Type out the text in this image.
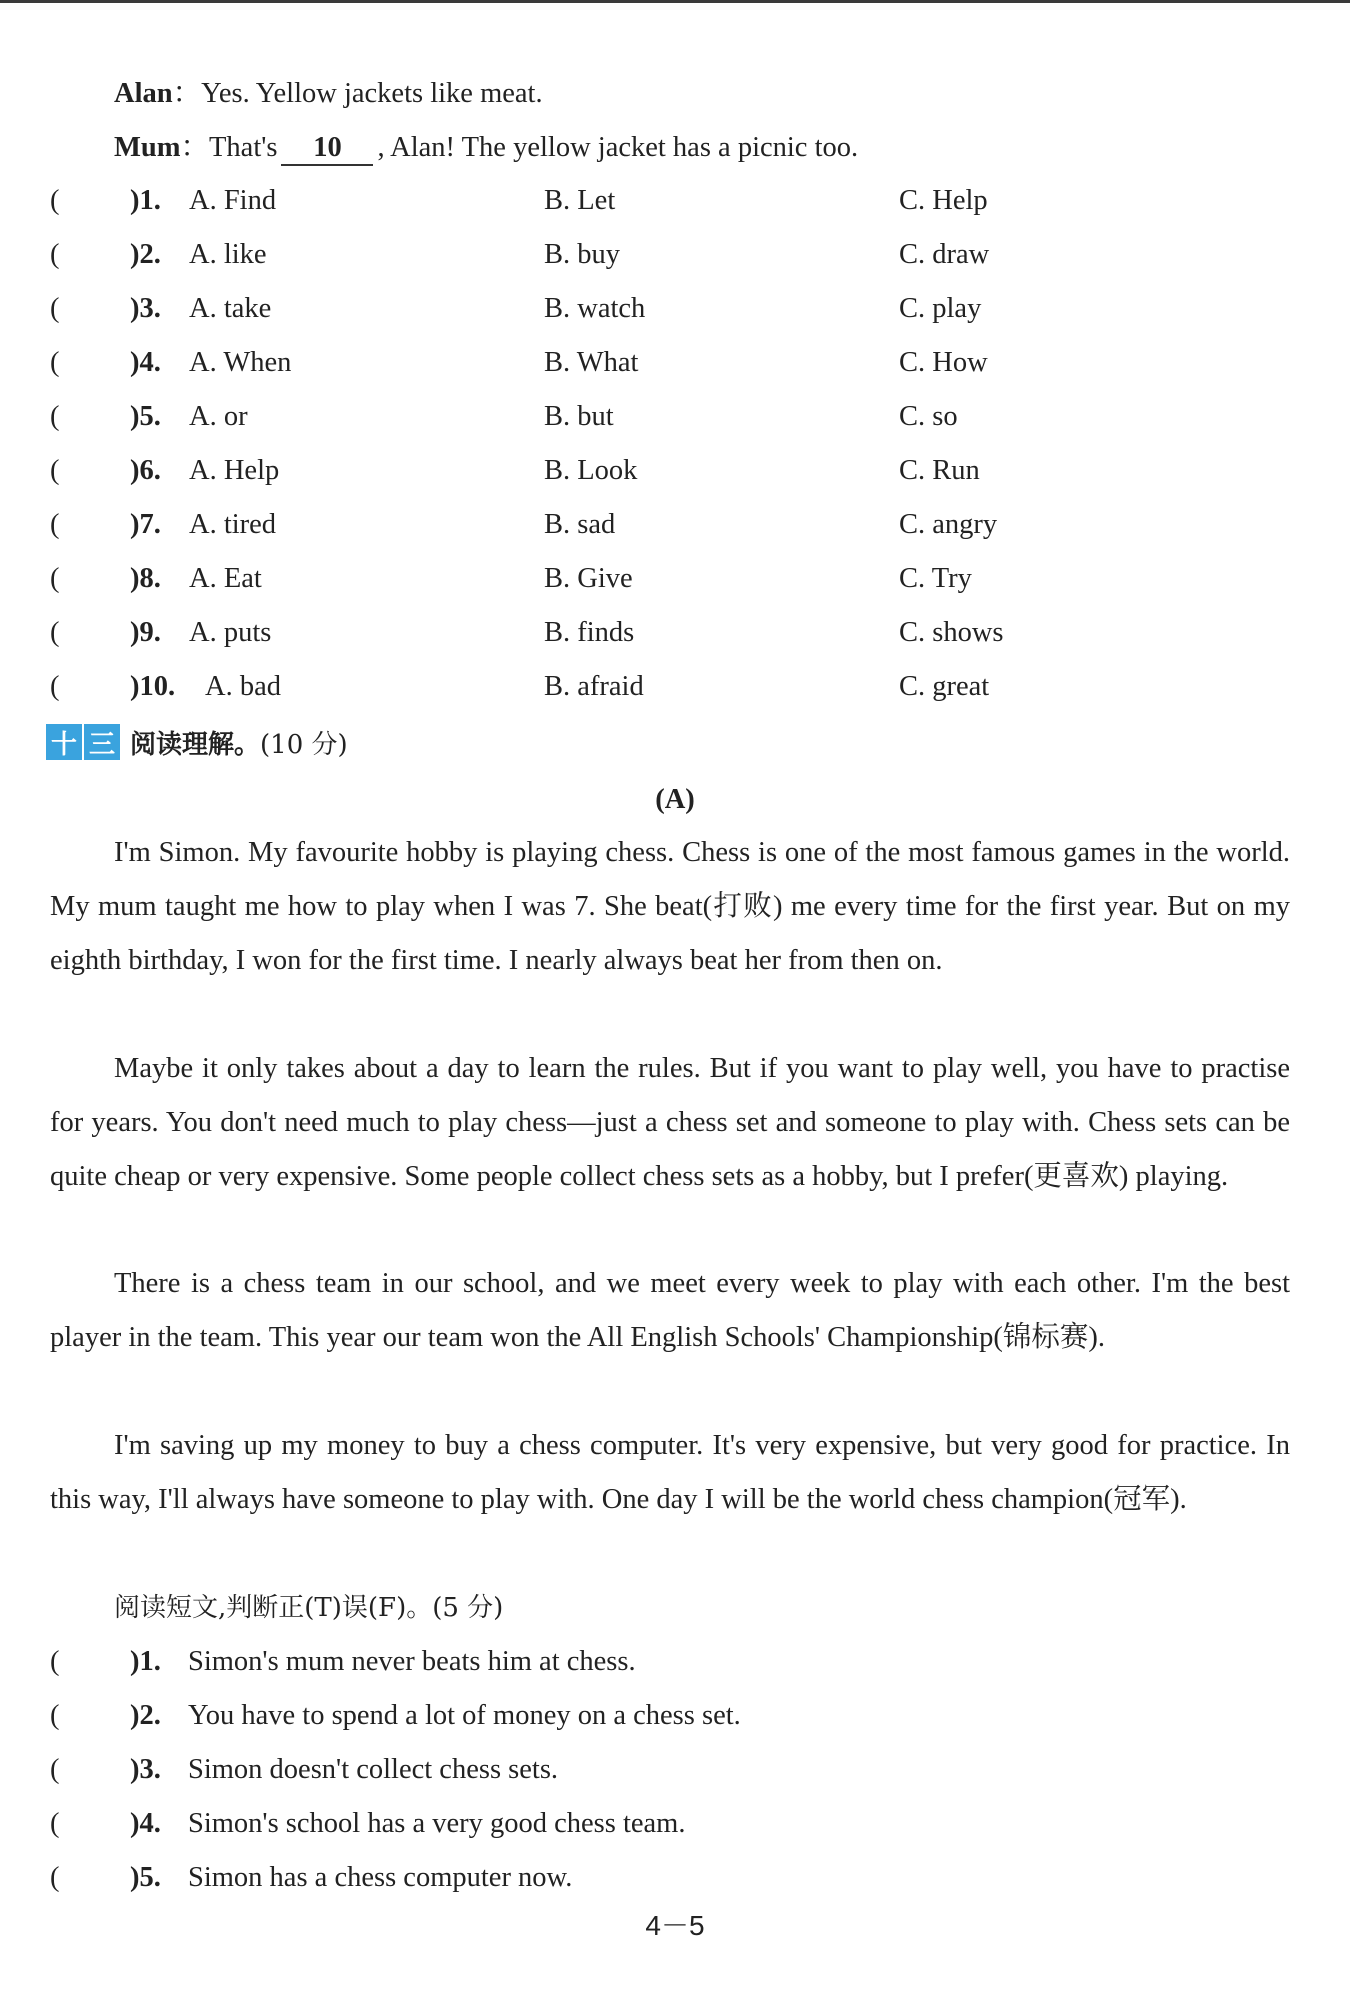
Alan：Yes. Yellow jackets like meat.
Mum：That's 10 , Alan! The yellow jacket has a picnic too.
( )1. A. Find	B. Let	C. Help
( )2. A. like	B. buy	C. draw
( )3. A. take	B. watch	C. play
( )4. A. When	B. What	C. How
( )5. A. or	B. but	C. so
( )6. A. Help	B. Look	C. Run
( )7. A. tired	B. sad	C. angry
( )8. A. Eat	B. Give	C. Try
( )9. A. puts	B. finds	C. shows
( )10. A. bad	B. afraid	C. great
十 三 阅读理解。 (10 分)
(A)

I'm Simon. My favourite hobby is playing chess. Chess is one of the most famous games in the world. My mum taught me how to play when I was 7. She beat(打败) me every time for the first year. But on my eighth birthday, I won for the first time. I nearly always beat her from then on.

Maybe it only takes about a day to learn the rules. But if you want to play well, you have to practise for years. You don't need much to play chess—just a chess set and someone to play with. Chess sets can be quite cheap or very expensive. Some people collect chess sets as a hobby, but I prefer(更喜欢) playing.

There is a chess team in our school, and we meet every week to play with each other. I'm the best player in the team. This year our team won the All English Schools' Championship(锦标赛).

I'm saving up my money to buy a chess computer. It's very expensive, but very good for practice. In this way, I'll always have someone to play with. One day I will be the world chess champion(冠军).

阅读短文,判断正(T)误(F)。(5 分)
( )1. Simon's mum never beats him at chess.
( )2. You have to spend a lot of money on a chess set.
( )3. Simon doesn't collect chess sets.
( )4. Simon's school has a very good chess team.
( )5. Simon has a chess computer now.
4－5
